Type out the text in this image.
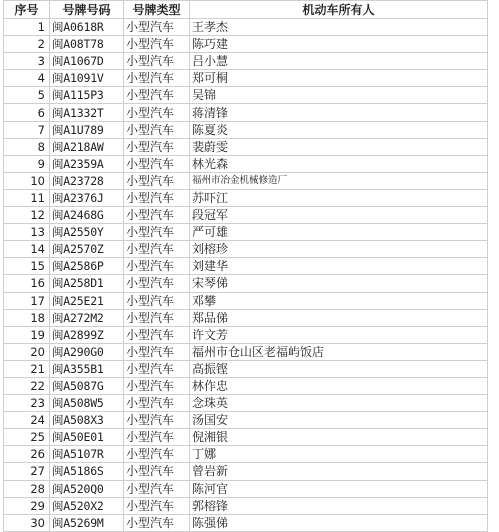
序号	号牌号码	号牌类型	机动车所有人
1	闽A0618R	小型汽车	王孝杰
2	闽A08T78	小型汽车	陈巧建
3	闽A1067D	小型汽车	吕小慧
4	闽A1091V	小型汽车	郑可桐
5	闽A115P3	小型汽车	吴锦
6	闽A1332T	小型汽车	蒋清锋
7	闽A1U789	小型汽车	陈夏炎
8	闽A218AW	小型汽车	裴蔚雯
9	闽A2359A	小型汽车	林光森
10	闽A23728	小型汽车	福州市冶金机械修造厂
11	闽A2376J	小型汽车	苏吓江
12	闽A2468G	小型汽车	段冠军
13	闽A2550Y	小型汽车	严可雄
14	闽A2570Z	小型汽车	刘榕珍
15	闽A2586P	小型汽车	刘建华
16	闽A258D1	小型汽车	宋琴俤
17	闽A25E21	小型汽车	邓攀
18	闽A272M2	小型汽车	郑品俤
19	闽A2899Z	小型汽车	许文芳
20	闽A290G0	小型汽车	福州市仓山区老福屿饭店
21	闽A355B1	小型汽车	高振铿
22	闽A5087G	小型汽车	林作忠
23	闽A508W5	小型汽车	念珠英
24	闽A508X3	小型汽车	汤国安
25	闽A50E01	小型汽车	倪湘银
26	闽A5107R	小型汽车	丁娜
27	闽A5186S	小型汽车	曾岩新
28	闽A520Q0	小型汽车	陈河官
29	闽A520X2	小型汽车	郭榕锋
30	闽A5269M	小型汽车	陈强俤
